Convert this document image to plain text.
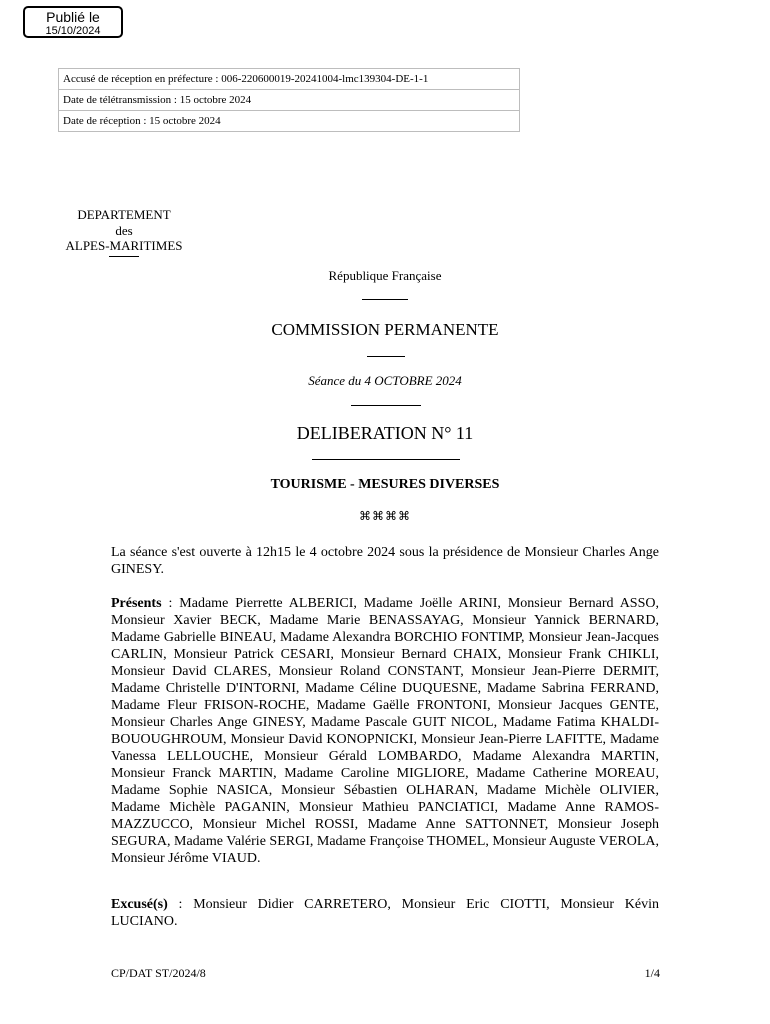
Publié le
15/10/2024
Accusé de réception en préfecture : 006-220600019-20241004-lmc139304-DE-1-1
Date de télétransmission : 15 octobre 2024
Date de réception : 15 octobre 2024
DEPARTEMENT
des
ALPES-MARITIMES
République Française
COMMISSION PERMANENTE
Séance du 4 OCTOBRE 2024
DELIBERATION N° 11
TOURISME - MESURES DIVERSES
⌘⌘⌘⌘

La séance s'est ouverte à 12h15 le 4 octobre 2024 sous la présidence de Monsieur Charles Ange GINESY.

Présents : Madame Pierrette ALBERICI, Madame Joëlle ARINI, Monsieur Bernard ASSO, Monsieur Xavier BECK, Madame Marie BENASSAYAG, Monsieur Yannick BERNARD, Madame Gabrielle BINEAU, Madame Alexandra BORCHIO FONTIMP, Monsieur Jean-Jacques CARLIN, Monsieur Patrick CESARI, Monsieur Bernard CHAIX, Monsieur Frank CHIKLI, Monsieur David CLARES, Monsieur Roland CONSTANT, Monsieur Jean-Pierre DERMIT, Madame Christelle D'INTORNI, Madame Céline DUQUESNE, Madame Sabrina FERRAND, Madame Fleur FRISON-ROCHE, Madame Gaëlle FRONTONI, Monsieur Jacques GENTE, Monsieur Charles Ange GINESY, Madame Pascale GUIT NICOL, Madame Fatima KHALDI-BOUOUGHROUM, Monsieur David KONOPNICKI, Monsieur Jean-Pierre LAFITTE, Madame Vanessa LELLOUCHE, Monsieur Gérald LOMBARDO, Madame Alexandra MARTIN, Monsieur Franck MARTIN, Madame Caroline MIGLIORE, Madame Catherine MOREAU, Madame Sophie NASICA, Monsieur Sébastien OLHARAN, Madame Michèle OLIVIER, Madame Michèle PAGANIN, Monsieur Mathieu PANCIATICI, Madame Anne RAMOS-MAZZUCCO, Monsieur Michel ROSSI, Madame Anne SATTONNET, Monsieur Joseph SEGURA, Madame Valérie SERGI, Madame Françoise THOMEL, Monsieur Auguste VEROLA, Monsieur Jérôme VIAUD.

Excusé(s) : Monsieur Didier CARRETERO, Monsieur Eric CIOTTI, Monsieur Kévin LUCIANO.

CP/DAT ST/2024/8	1/4
